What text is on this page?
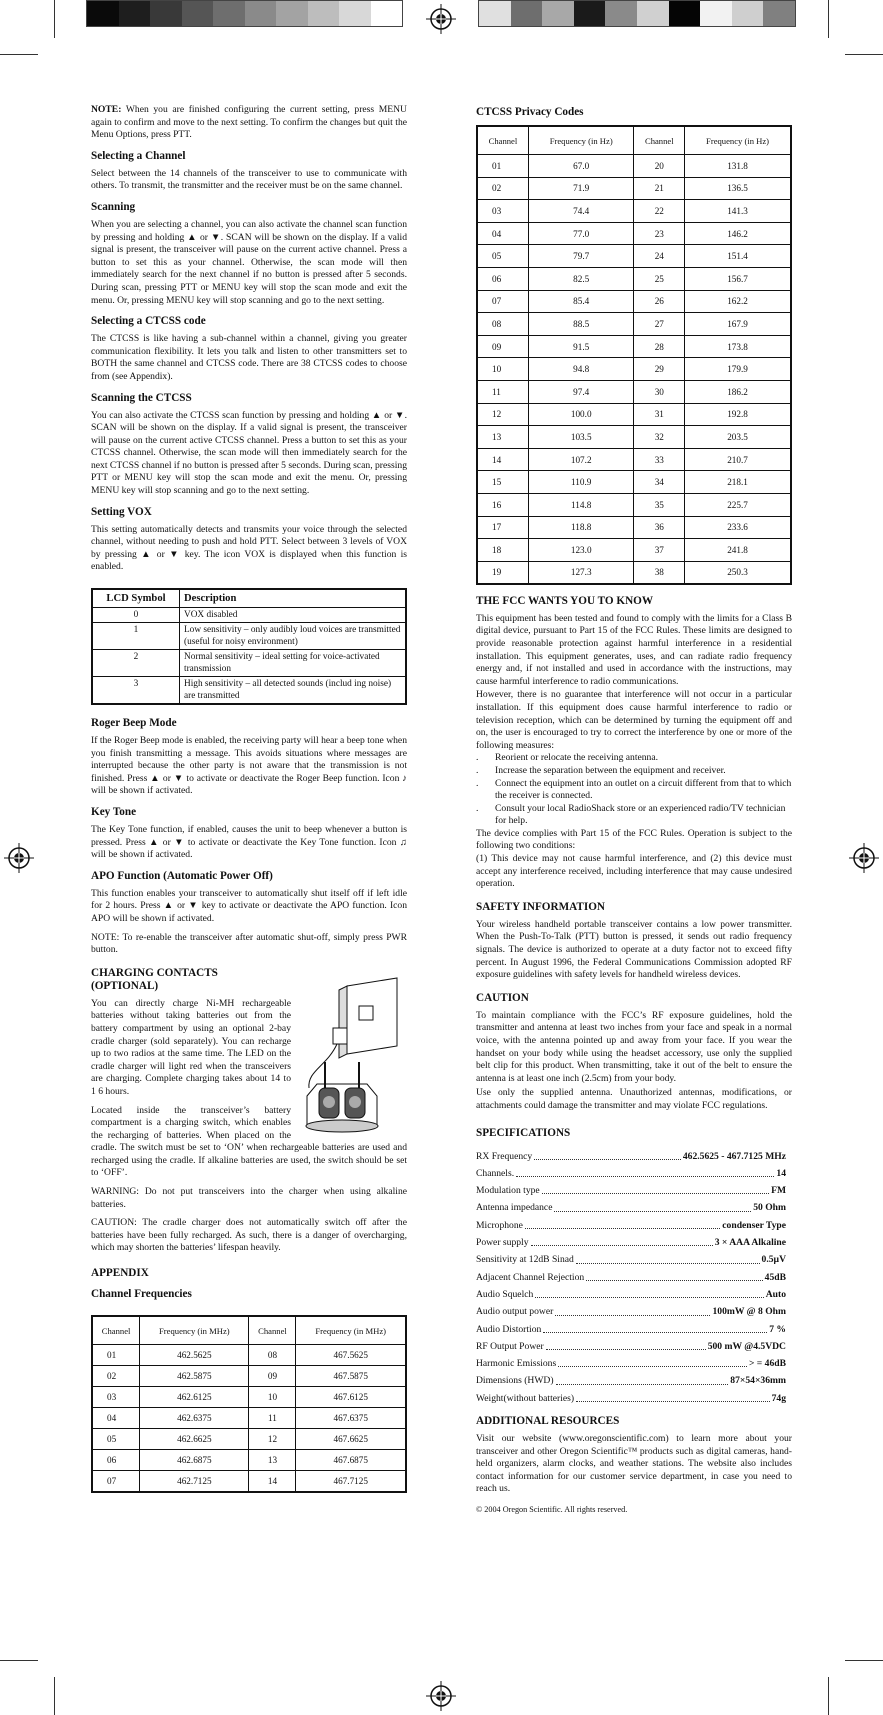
NOTE: When you are finished configuring the current setting, press MENU again to confirm and move to the next setting. To confirm the changes but quit the Menu Options, press PTT.

Selecting a Channel

Select between the 14 channels of the transceiver to use to communicate with others. To transmit, the transmitter and the receiver must be on the same channel.

Scanning

When you are selecting a channel, you can also activate the channel scan function by pressing and holding ▲ or ▼. SCAN will be shown on the display. If a valid signal is present, the transceiver will pause on the current active channel. Press a button to set this as your channel. Otherwise, the scan mode will then immediately search for the next channel if no button is pressed after 5 seconds. During scan, pressing PTT or MENU key will stop the scan mode and exit the menu. Or, pressing MENU key will stop scanning and go to the next setting.

Selecting a CTCSS code

The CTCSS is like having a sub-channel within a channel, giving you greater communication flexibility. It lets you talk and listen to other transmitters set to BOTH the same channel and CTCSS code. There are 38 CTCSS codes to choose from (see Appendix).

Scanning the CTCSS

You can also activate the CTCSS scan function by pressing and holding ▲ or ▼. SCAN will be shown on the display. If a valid signal is present, the transceiver will pause on the current active CTCSS channel. Press a button to set this as your CTCSS channel. Otherwise, the scan mode will then immediately search for the next CTCSS channel if no button is pressed after 5 seconds. During scan, pressing PTT or MENU key will stop the scan mode and exit the menu. Or, pressing MENU key will stop scanning and go to the next setting.

Setting VOX

This setting automatically detects and transmits your voice through the selected channel, without needing to push and hold PTT. Select between 3 levels of VOX by pressing ▲ or ▼ key. The icon VOX is displayed when this function is enabled.

LCD Symbol	Description
0	VOX disabled
1	Low sensitivity – only audibly loud voices are transmitted (useful for noisy environment)
2	Normal sensitivity – ideal setting for voice-activated transmission
3	High sensitivity – all detected sounds (includ ing noise) are transmitted
Roger Beep Mode

If the Roger Beep mode is enabled, the receiving party will hear a beep tone when you finish transmitting a message. This avoids situations where messages are interrupted because the other party is not aware that the transmission is not finished. Press ▲ or ▼ to activate or deactivate the Roger Beep function. Icon ♪ will be shown if activated.

Key Tone

The Key Tone function, if enabled, causes the unit to beep whenever a button is pressed. Press ▲ or ▼ to activate or deactivate the Key Tone function. Icon ♫ will be shown if activated.

APO Function (Automatic Power Off)

This function enables your transceiver to automatically shut itself off if left idle for 2 hours. Press ▲ or ▼ key to activate or deactivate the APO function. Icon APO will be shown if activated.

NOTE: To re-enable the transceiver after automatic shut-off, simply press PWR button.

CHARGING CONTACTS (OPTIONAL)

You can directly charge Ni-MH rechargeable batteries without taking batteries out from the battery compartment by using an optional 2-bay cradle charger (sold separately). You can recharge up to two radios at the same time. The LED on the cradle charger will light red when the transceivers are charging. Complete charging takes about 14 to 1 6 hours.

Located inside the transceiver’s battery compartment is a charging switch, which enables the recharging of batteries. When placed on the cradle. The switch must be set to ‘ON’ when rechargeable batteries are used and recharged using the cradle. If alkaline batteries are used, the switch should be set to ‘OFF’.

WARNING: Do not put transceivers into the charger when using alkaline batteries.

CAUTION: The cradle charger does not automatically switch off after the batteries have been fully recharged. As such, there is a danger of overcharging, which may shorten the batteries’ lifespan heavily.

APPENDIX
Channel Frequencies
Channel	Frequency (in MHz)	Channel	Frequency (in MHz)
01	462.5625	08	467.5625
02	462.5875	09	467.5875
03	462.6125	10	467.6125
04	462.6375	11	467.6375
05	462.6625	12	467.6625
06	462.6875	13	467.6875
07	462.7125	14	467.7125
CTCSS Privacy Codes
Channel	Frequency (in Hz)	Channel	Frequency (in Hz)
01	67.0	20	131.8
02	71.9	21	136.5
03	74.4	22	141.3
04	77.0	23	146.2
05	79.7	24	151.4
06	82.5	25	156.7
07	85.4	26	162.2
08	88.5	27	167.9
09	91.5	28	173.8
10	94.8	29	179.9
11	97.4	30	186.2
12	100.0	31	192.8
13	103.5	32	203.5
14	107.2	33	210.7
15	110.9	34	218.1
16	114.8	35	225.7
17	118.8	36	233.6
18	123.0	37	241.8
19	127.3	38	250.3
THE FCC WANTS YOU TO KNOW

This equipment has been tested and found to comply with the limits for a Class B digital device, pursuant to Part 15 of the FCC Rules. These limits are designed to provide reasonable protection against harmful interference in a residential installation. This equipment generates, uses, and can radiate radio frequency energy and, if not installed and used in accordance with the instructions, may cause harmful interference to radio communications.

However, there is no guarantee that interference will not occur in a particular installation. If this equipment does cause harmful interference to radio or television reception, which can be determined by turning the equipment off and on, the user is encouraged to try to correct the interference by one or more of the following measures:

. Reorient or relocate the receiving antenna.
. Increase the separation between the equipment and receiver.
. Connect the equipment into an outlet on a circuit different from that to which the receiver is connected.
. Consult your local RadioShack store or an experienced radio/TV technician for help.

The device complies with Part 15 of the FCC Rules. Operation is subject to the following two conditions:

(1) This device may not cause harmful interference, and (2) this device must accept any interference received, including interference that may cause undesired operation.

SAFETY INFORMATION

Your wireless handheld portable transceiver contains a low power transmitter. When the Push-To-Talk (PTT) button is pressed, it sends out radio frequency signals. The device is authorized to operate at a duty factor not to exceed fifty percent. In August 1996, the Federal Communications Commission adopted RF exposure guidelines with safety levels for handheld wireless devices.

CAUTION

To maintain compliance with the FCC’s RF exposure guidelines, hold the transmitter and antenna at least two inches from your face and speak in a normal voice, with the antenna pointed up and away from your face. If you wear the handset on your body while using the headset accessory, use only the supplied belt clip for this product. When transmitting, take it out of the belt to ensure the antenna is at least one inch (2.5cm) from your body.

Use only the supplied antenna. Unauthorized antennas, modifications, or attachments could damage the transmitter and may violate FCC regulations.

SPECIFICATIONS
RX Frequency	462.5625 - 467.7125 MHz
Channels.	14
Modulation type	FM
Antenna impedance	50 Ohm
Microphone	condenser Type
Power supply	3 × AAA Alkaline
Sensitivity at 12dB Sinad	0.5µV
Adjacent Channel Rejection	45dB
Audio Squelch	Auto
Audio output power	100mW @ 8 Ohm
Audio Distortion	7 %
RF Output Power	500 mW @4.5VDC
Harmonic Emissions	> = 46dB
Dimensions (HWD)	87×54×36mm
Weight(without batteries)	74g
ADDITIONAL RESOURCES

Visit our website (www.oregonscientific.com) to learn more about your transceiver and other Oregon Scientific™ products such as digital cameras, hand-held organizers, alarm clocks, and weather stations. The website also includes contact information for our customer service department, in case you need to reach us.

© 2004 Oregon Scientific. All rights reserved.
